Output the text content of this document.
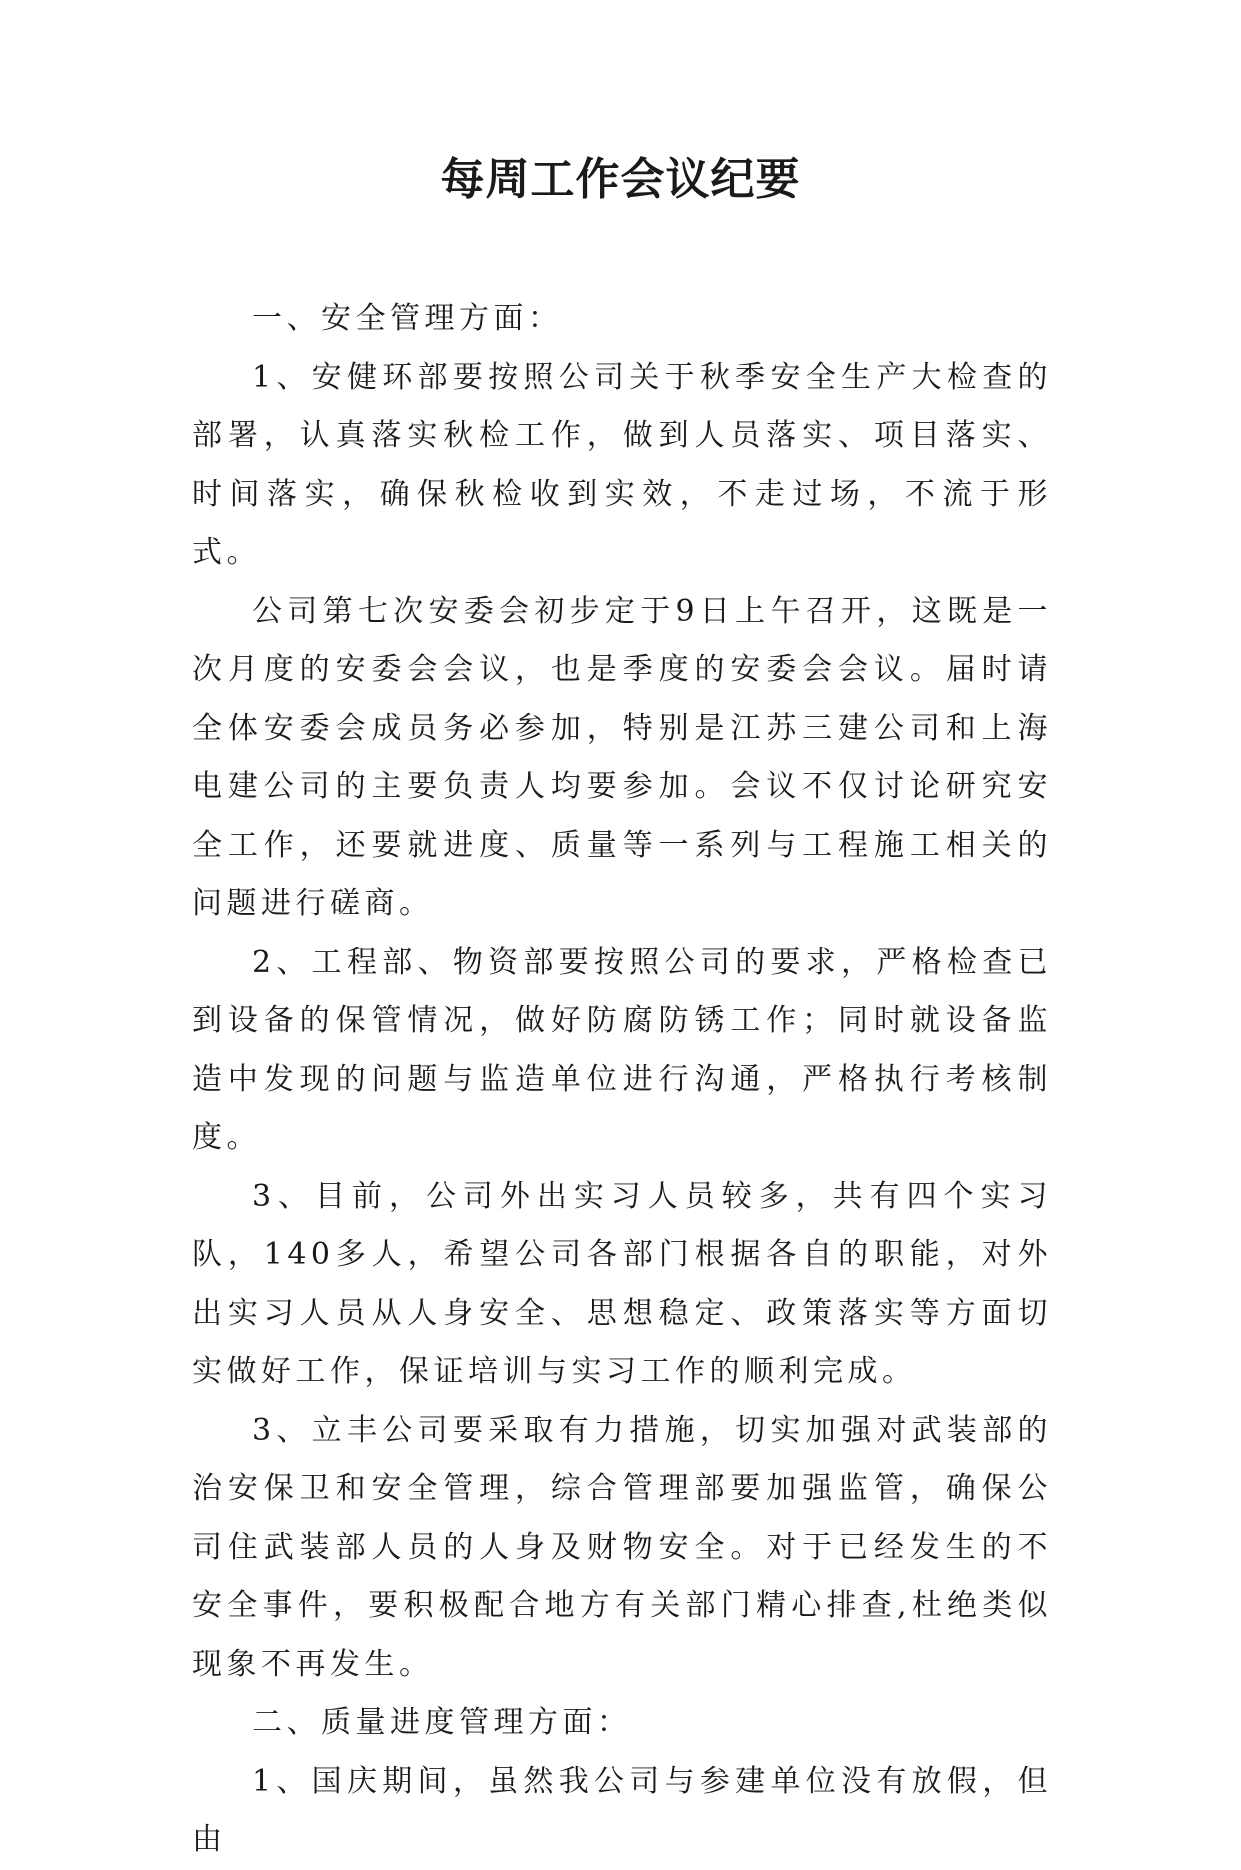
每周工作会议纪要

一、安全管理方面：

1、安健环部要按照公司关于秋季安全生产大检查的部署，认真落实秋检工作，做到人员落实、项目落实、时间落实，确保秋检收到实效，不走过场，不流于形式。

公司第七次安委会初步定于9日上午召开，这既是一次月度的安委会会议，也是季度的安委会会议。届时请全体安委会成员务必参加，特别是江苏三建公司和上海电建公司的主要负责人均要参加。会议不仅讨论研究安全工作，还要就进度、质量等一系列与工程施工相关的问题进行磋商。

2、工程部、物资部要按照公司的要求，严格检查已到设备的保管情况，做好防腐防锈工作；同时就设备监造中发现的问题与监造单位进行沟通，严格执行考核制度。

3、目前，公司外出实习人员较多，共有四个实习队，140多人，希望公司各部门根据各自的职能，对外出实习人员从人身安全、思想稳定、政策落实等方面切实做好工作，保证培训与实习工作的顺利完成。

3、立丰公司要采取有力措施，切实加强对武装部的治安保卫和安全管理，综合管理部要加强监管，确保公司住武装部人员的人身及财物安全。对于已经发生的不安全事件，要积极配合地方有关部门精心排查,杜绝类似现象不再发生。

二、质量进度管理方面：

1、国庆期间，虽然我公司与参建单位没有放假，但由
